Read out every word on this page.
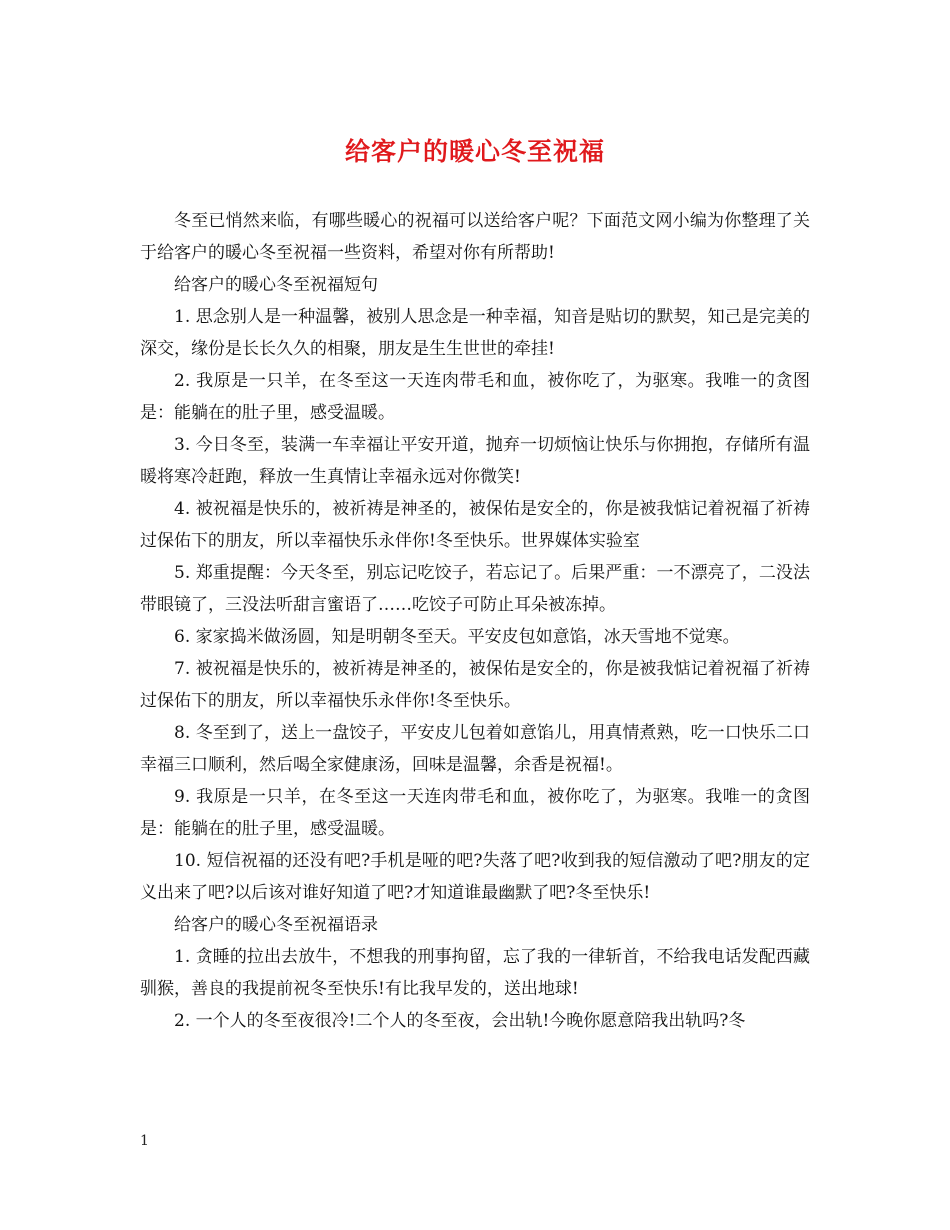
给客户的暖心冬至祝福

冬至已悄然来临，有哪些暖心的祝福可以送给客户呢？下面范文网小编为你整理了关于给客户的暖心冬至祝福一些资料，希望对你有所帮助!

给客户的暖心冬至祝福短句

1. 思念别人是一种温馨，被别人思念是一种幸福，知音是贴切的默契，知己是完美的深交，缘份是长长久久的相聚，朋友是生生世世的牵挂!

2. 我原是一只羊，在冬至这一天连肉带毛和血，被你吃了，为驱寒。我唯一的贪图是：能躺在的肚子里，感受温暖。

3. 今日冬至，装满一车幸福让平安开道，抛弃一切烦恼让快乐与你拥抱，存储所有温暖将寒冷赶跑，释放一生真情让幸福永远对你微笑!

4. 被祝福是快乐的，被祈祷是神圣的，被保佑是安全的，你是被我惦记着祝福了祈祷过保佑下的朋友，所以幸福快乐永伴你!冬至快乐。世界媒体实验室

5. 郑重提醒：今天冬至，别忘记吃饺子，若忘记了。后果严重：一不漂亮了，二没法带眼镜了，三没法听甜言蜜语了……吃饺子可防止耳朵被冻掉。

6. 家家捣米做汤圆，知是明朝冬至天。平安皮包如意馅，冰天雪地不觉寒。

7. 被祝福是快乐的，被祈祷是神圣的，被保佑是安全的，你是被我惦记着祝福了祈祷过保佑下的朋友，所以幸福快乐永伴你!冬至快乐。

8. 冬至到了，送上一盘饺子，平安皮儿包着如意馅儿，用真情煮熟，吃一口快乐二口幸福三口顺利，然后喝全家健康汤，回味是温馨，余香是祝福!。

9. 我原是一只羊，在冬至这一天连肉带毛和血，被你吃了，为驱寒。我唯一的贪图是：能躺在的肚子里，感受温暖。

10. 短信祝福的还没有吧?手机是哑的吧?失落了吧?收到我的短信激动了吧?朋友的定义出来了吧?以后该对谁好知道了吧?才知道谁最幽默了吧?冬至快乐!

给客户的暖心冬至祝福语录

1. 贪睡的拉出去放牛，不想我的刑事拘留，忘了我的一律斩首，不给我电话发配西藏驯猴，善良的我提前祝冬至快乐!有比我早发的，送出地球!

2. 一个人的冬至夜很冷!二个人的冬至夜，会出轨!今晚你愿意陪我出轨吗?冬

1
